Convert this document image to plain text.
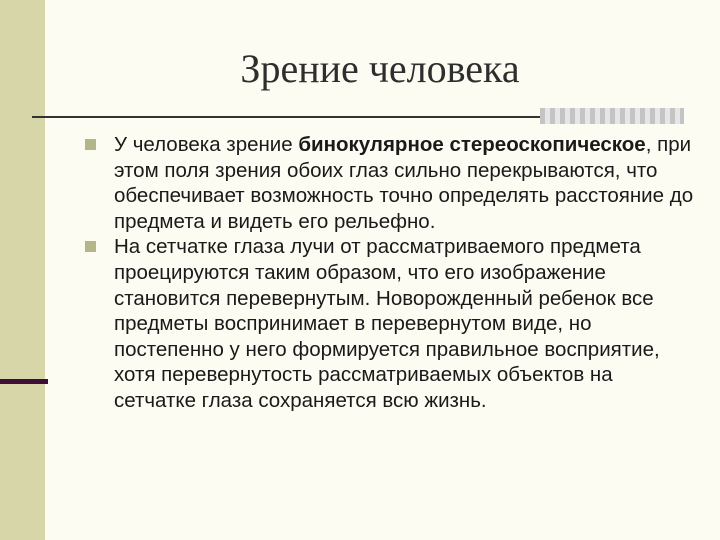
Зрение человека
У человека зрение бинокулярное стереоскопическое, при этом поля зрения обоих глаз сильно перекрываются, что обеспечивает возможность точно определять расстояние до предмета и видеть его рельефно.
На сетчатке глаза лучи от рассматриваемого предмета проецируются таким образом, что его изображение становится перевернутым. Новорожденный ребенок все предметы воспринимает в перевернутом виде, но постепенно у него формируется правильное восприятие, хотя перевернутость рассматриваемых объектов на сетчатке глаза сохраняется всю жизнь.
